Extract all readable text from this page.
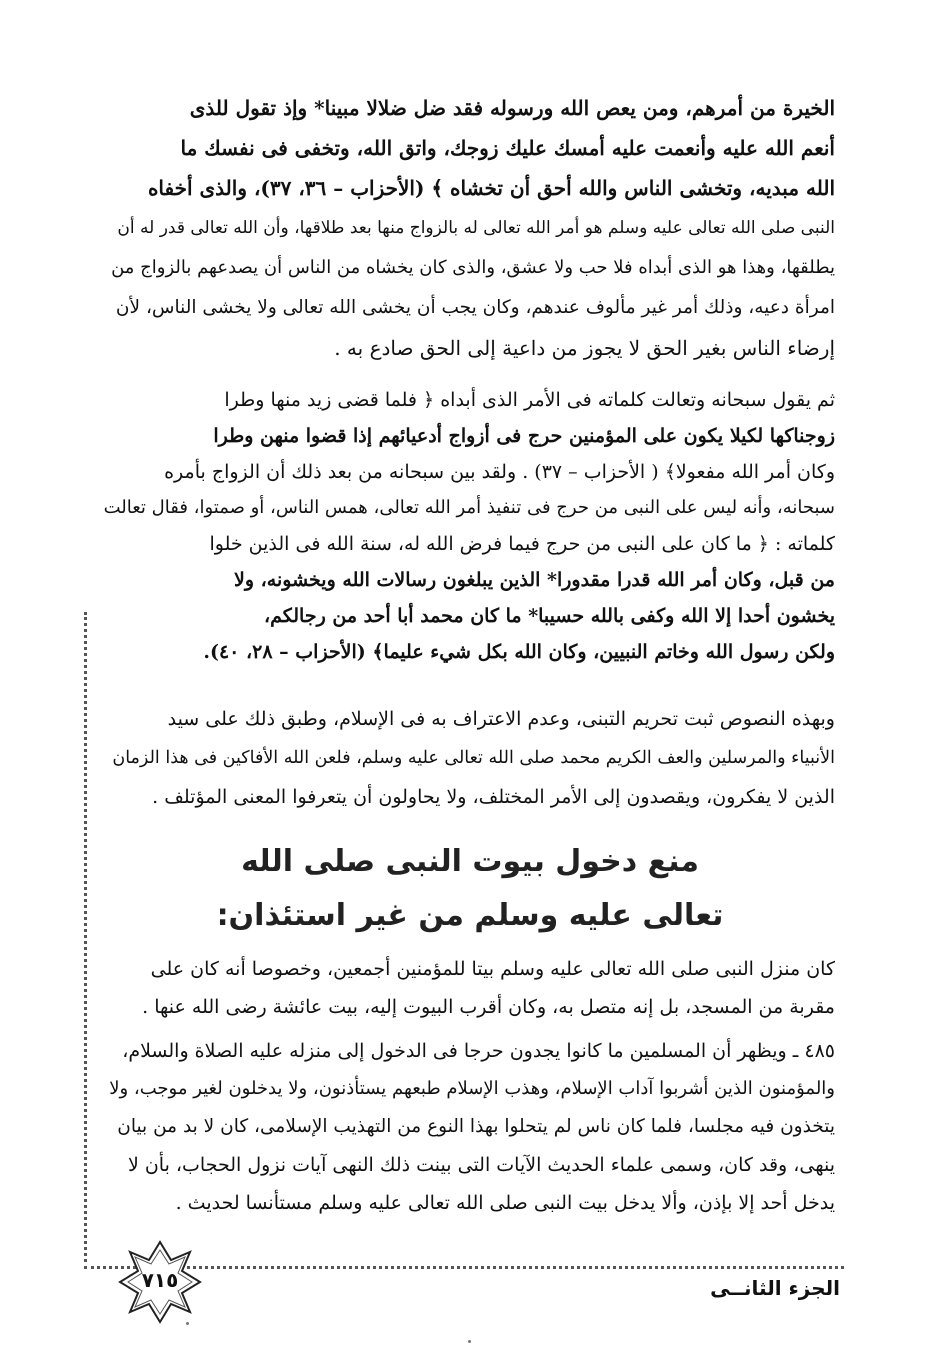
الخيرة من أمرهم، ومن يعص الله ورسوله فقد ضل ضلالا مبينا* وإذ تقول للذى
أنعم الله عليه وأنعمت عليه أمسك عليك زوجك، واتق الله، وتخفى فى نفسك ما
الله مبديه، وتخشى الناس والله أحق أن تخشاه ﴾ (الأحزاب – ٣٦، ٣٧)، والذى أخفاه
النبى صلى الله تعالى عليه وسلم هو أمر الله تعالى له بالزواج منها بعد طلاقها، وأن الله تعالى قدر له أن
يطلقها، وهذا هو الذى أبداه فلا حب ولا عشق، والذى كان يخشاه من الناس أن يصدعهم بالزواج من
امرأة دعيه، وذلك أمر غير مألوف عندهم، وكان يجب أن يخشى الله تعالى ولا يخشى الناس، لأن
إرضاء الناس بغير الحق لا يجوز من داعية إلى الحق صادع به .
ثم يقول سبحانه وتعالت كلماته فى الأمر الذى أبداه ﴿ فلما قضى زيد منها وطرا
زوجناكها لكيلا يكون على المؤمنين حرج فى أزواج أدعيائهم إذا قضوا منهن وطرا
وكان أمر الله مفعولا﴾ ( الأحزاب – ٣٧) . ولقد بين سبحانه من بعد ذلك أن الزواج بأمره
سبحانه، وأنه ليس على النبى من حرج فى تنفيذ أمر الله تعالى، همس الناس، أو صمتوا، فقال تعالت
كلماته : ﴿ ما كان على النبى من حرج فيما فرض الله له، سنة الله فى الذين خلوا
من قبل، وكان أمر الله قدرا مقدورا* الذين يبلغون رسالات الله ويخشونه، ولا
يخشون أحدا إلا الله وكفى بالله حسيبا* ما كان محمد أبا أحد من رجالكم،
ولكن رسول الله وخاتم النبيين، وكان الله بكل شيء عليما﴾ (الأحزاب – ٢٨، ٤٠).
وبهذه النصوص ثبت تحريم التبنى، وعدم الاعتراف به فى الإسلام، وطبق ذلك على سيد
الأنبياء والمرسلين والعف الكريم محمد صلى الله تعالى عليه وسلم، فلعن الله الأفاكين فى هذا الزمان
الذين لا يفكرون، ويقصدون إلى الأمر المختلف، ولا يحاولون أن يتعرفوا المعنى المؤتلف .
منع دخول بيوت النبى صلى الله
تعالى عليه وسلم من غير استئذان:
كان منزل النبى صلى الله تعالى عليه وسلم بيتا للمؤمنين أجمعين، وخصوصا أنه كان على
مقربة من المسجد، بل إنه متصل به، وكان أقرب البيوت إليه، بيت عائشة رضى الله عنها .
٤٨٥ ـ ويظهر أن المسلمين ما كانوا يجدون حرجا فى الدخول إلى منزله عليه الصلاة والسلام،
والمؤمنون الذين أشربوا آداب الإسلام، وهذب الإسلام طبعهم يستأذنون، ولا يدخلون لغير موجب، ولا
يتخذون فيه مجلسا، فلما كان ناس لم يتحلوا بهذا النوع من التهذيب الإسلامى، كان لا بد من بيان
ينهى، وقد كان، وسمى علماء الحديث الآيات التى بينت ذلك النهى آيات نزول الحجاب، بأن لا
يدخل أحد إلا بإذن، وألا يدخل بيت النبى صلى الله تعالى عليه وسلم مستأنسا لحديث .
٧١٥	الجزء الثانــى
